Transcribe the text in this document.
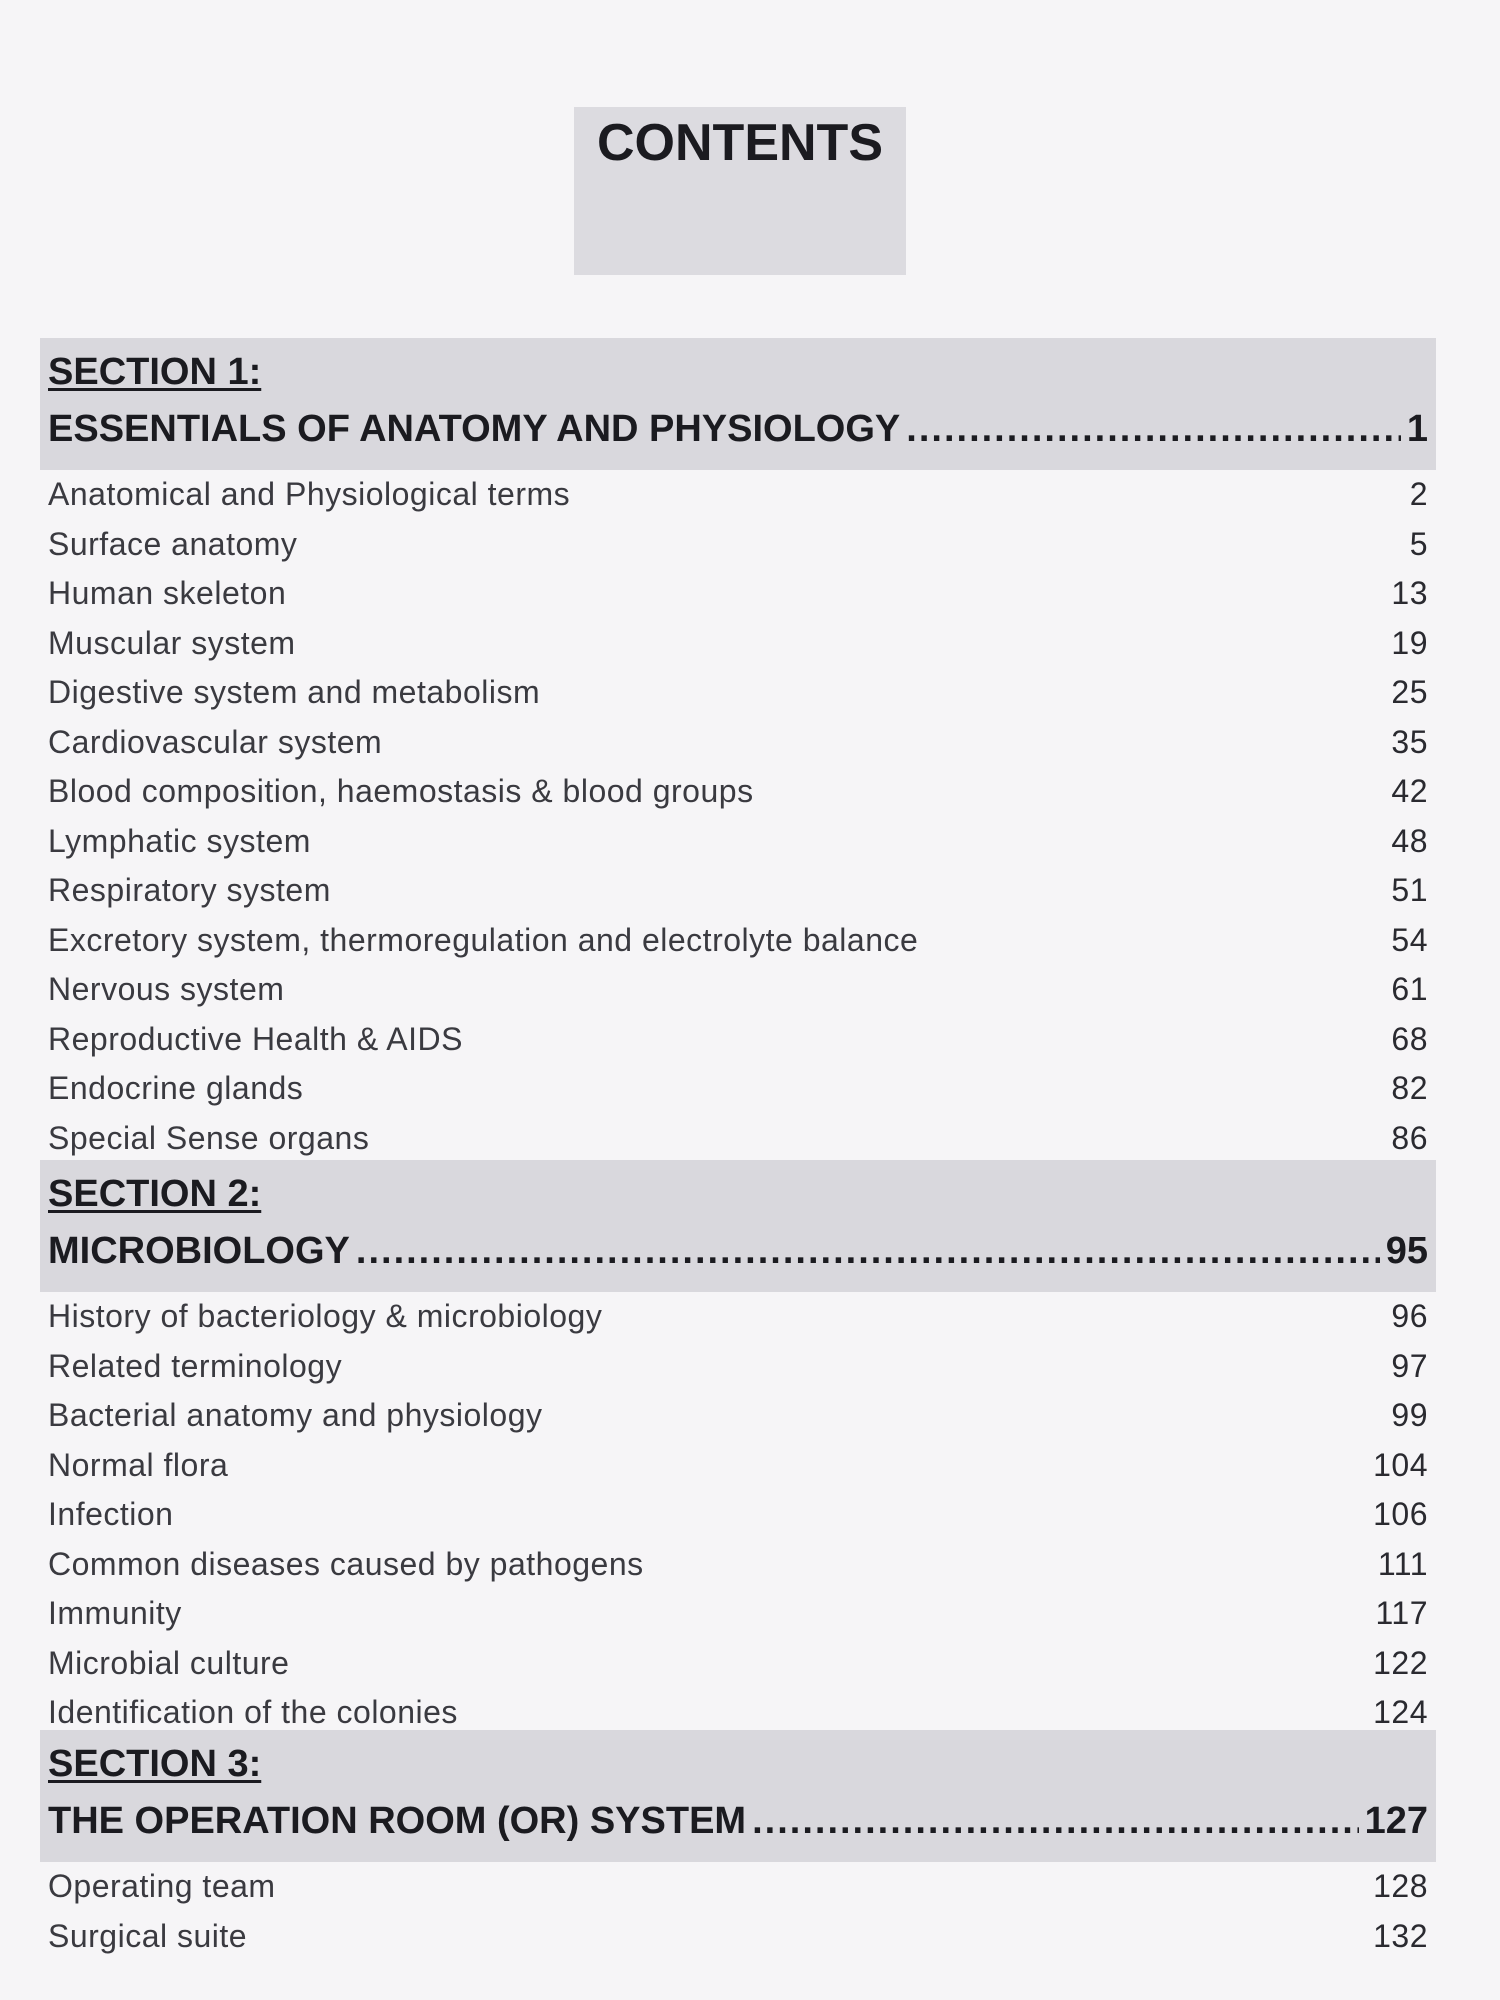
CONTENTS
SECTION 1:
ESSENTIALS OF ANATOMY AND PHYSIOLOGY .....	1
Anatomical and Physiological terms	2
Surface anatomy	5
Human skeleton	13
Muscular system	19
Digestive system and metabolism	25
Cardiovascular system	35
Blood composition, haemostasis & blood groups	42
Lymphatic system	48
Respiratory system	51
Excretory system, thermoregulation and electrolyte balance	54
Nervous system	61
Reproductive Health & AIDS	68
Endocrine glands	82
Special Sense organs	86
SECTION 2:
MICROBIOLOGY .....	95
History of bacteriology & microbiology	96
Related terminology	97
Bacterial anatomy and physiology	99
Normal flora	104
Infection	106
Common diseases caused by pathogens	111
Immunity	117
Microbial culture	122
Identification of the colonies	124
SECTION 3:
THE OPERATION ROOM (OR) SYSTEM .....	127
Operating team	128
Surgical suite	132
